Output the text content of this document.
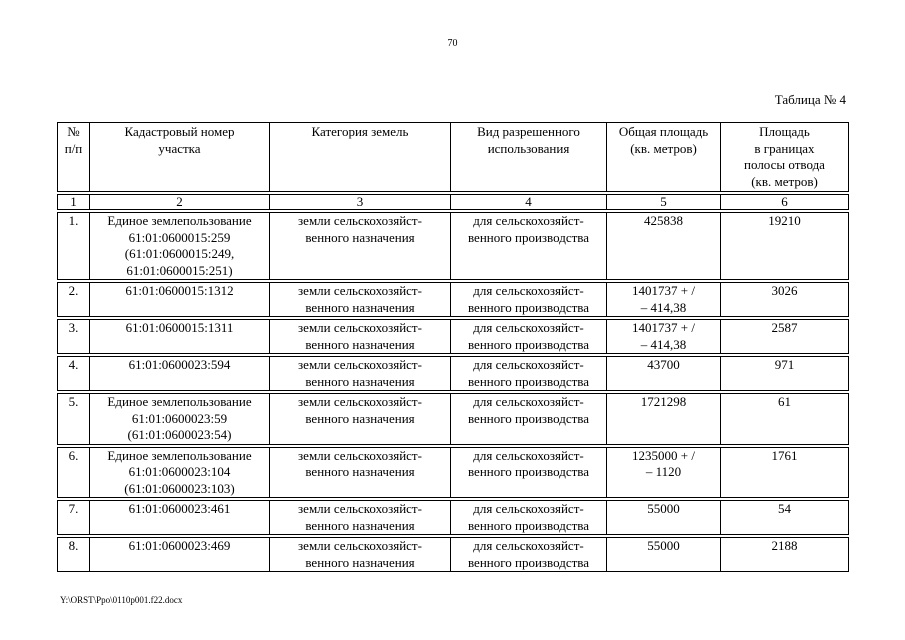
70
Таблица № 4
№
п/п	Кадастровый номер
участка	Категория земель	Вид разрешенного
использования	Общая площадь
(кв. метров)	Площадь
в границах
полосы отвода
(кв. метров)

1	2	3	4	5	6

1.	Единое землепользование
61:01:0600015:259
(61:01:0600015:249,
61:01:0600015:251)	земли сельскохозяйст-
венного назначения	для сельскохозяйст-
венного производства	425838	19210

2.	61:01:0600015:1312	земли сельскохозяйст-
венного назначения	для сельскохозяйст-
венного производства	1401737 + /
– 414,38	3026

3.	61:01:0600015:1311	земли сельскохозяйст-
венного назначения	для сельскохозяйст-
венного производства	1401737 + /
– 414,38	2587

4.	61:01:0600023:594	земли сельскохозяйст-
венного назначения	для сельскохозяйст-
венного производства	43700	971

5.	Единое землепользование
61:01:0600023:59
(61:01:0600023:54)	земли сельскохозяйст-
венного назначения	для сельскохозяйст-
венного производства	1721298	61

6.	Единое землепользование
61:01:0600023:104
(61:01:0600023:103)	земли сельскохозяйст-
венного назначения	для сельскохозяйст-
венного производства	1235000 + /
– 1120	1761

7.	61:01:0600023:461	земли сельскохозяйст-
венного назначения	для сельскохозяйст-
венного производства	55000	54

8.	61:01:0600023:469	земли сельскохозяйст-
венного назначения	для сельскохозяйст-
венного производства	55000	2188
Y:\ORST\Ppo\0110p001.f22.docx
